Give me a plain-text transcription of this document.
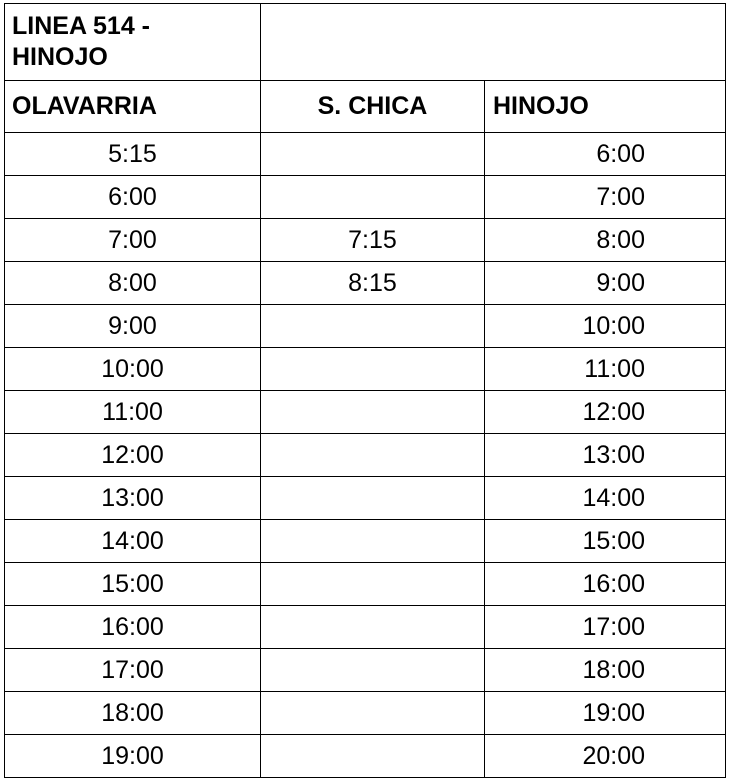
LINEA 514 -
HINOJO		

OLAVARRIA	S. CHICA	HINOJO
5:15		6:00
6:00		7:00
7:00	7:15	8:00
8:00	8:15	9:00
9:00		10:00
10:00		11:00
11:00		12:00
12:00		13:00
13:00		14:00
14:00		15:00
15:00		16:00
16:00		17:00
17:00		18:00
18:00		19:00
19:00		20:00
